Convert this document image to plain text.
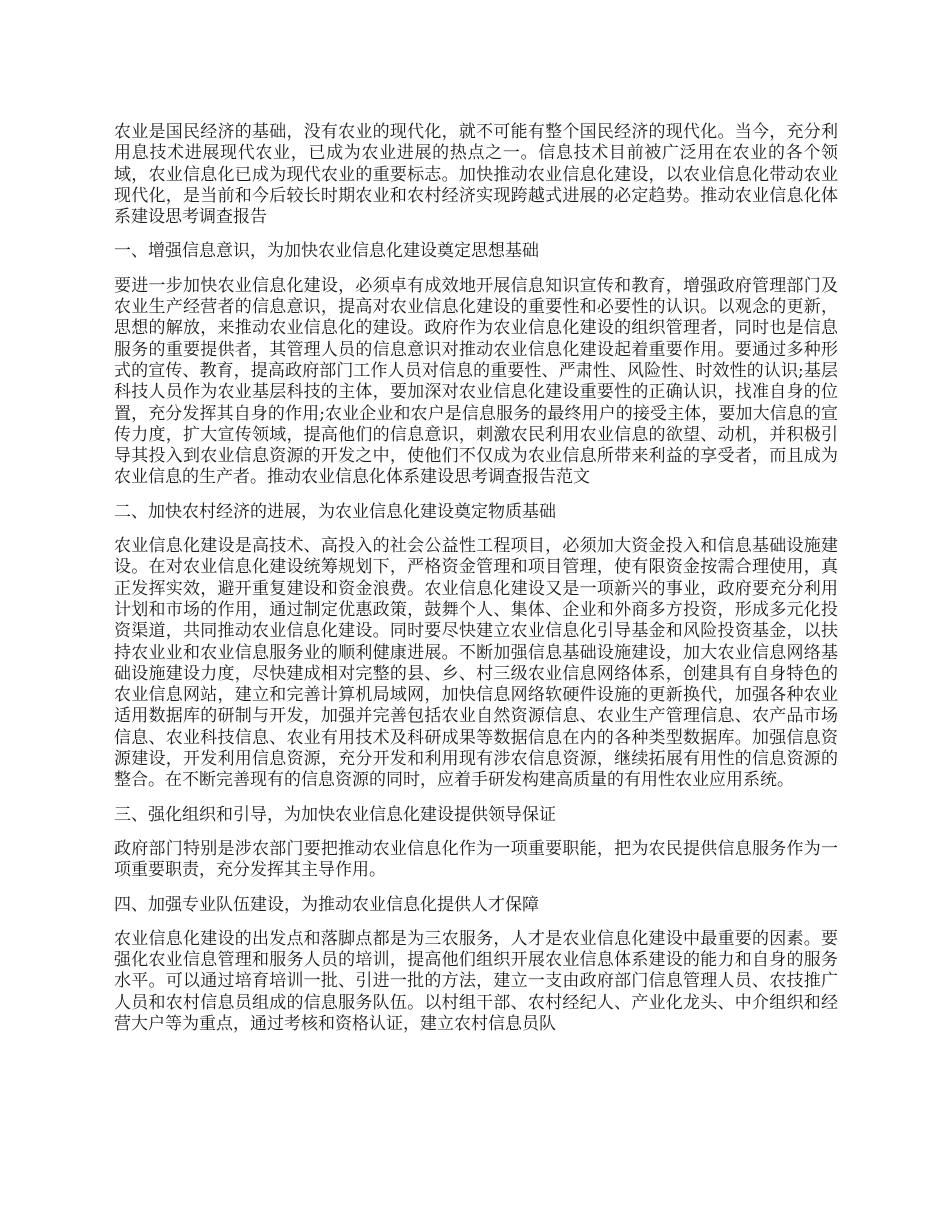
农业是国民经济的基础，没有农业的现代化，就不可能有整个国民经济的现代化。当今，充分利用息技术进展现代农业，已成为农业进展的热点之一。信息技术目前被广泛用在农业的各个领域，农业信息化已成为现代农业的重要标志。加快推动农业信息化建设，以农业信息化带动农业现代化，是当前和今后较长时期农业和农村经济实现跨越式进展的必定趋势。推动农业信息化体系建设思考调查报告

一、增强信息意识，为加快农业信息化建设奠定思想基础

要进一步加快农业信息化建设，必须卓有成效地开展信息知识宣传和教育，增强政府管理部门及农业生产经营者的信息意识，提高对农业信息化建设的重要性和必要性的认识。以观念的更新，思想的解放，来推动农业信息化的建设。政府作为农业信息化建设的组织管理者，同时也是信息服务的重要提供者，其管理人员的信息意识对推动农业信息化建设起着重要作用。要通过多种形式的宣传、教育，提高政府部门工作人员对信息的重要性、严肃性、风险性、时效性的认识;基层科技人员作为农业基层科技的主体，要加深对农业信息化建设重要性的正确认识，找准自身的位置，充分发挥其自身的作用;农业企业和农户是信息服务的最终用户的接受主体，要加大信息的宣传力度，扩大宣传领域，提高他们的信息意识，刺激农民利用农业信息的欲望、动机，并积极引导其投入到农业信息资源的开发之中，使他们不仅成为农业信息所带来利益的享受者，而且成为农业信息的生产者。推动农业信息化体系建设思考调查报告范文

二、加快农村经济的进展，为农业信息化建设奠定物质基础

农业信息化建设是高技术、高投入的社会公益性工程项目，必须加大资金投入和信息基础设施建设。在对农业信息化建设统筹规划下，严格资金管理和项目管理，使有限资金按需合理使用，真正发挥实效，避开重复建设和资金浪费。农业信息化建设又是一项新兴的事业，政府要充分利用计划和市场的作用，通过制定优惠政策，鼓舞个人、集体、企业和外商多方投资，形成多元化投资渠道，共同推动农业信息化建设。同时要尽快建立农业信息化引导基金和风险投资基金，以扶持农业业和农业信息服务业的顺利健康进展。不断加强信息基础设施建设，加大农业信息网络基础设施建设力度，尽快建成相对完整的县、乡、村三级农业信息网络体系，创建具有自身特色的农业信息网站，建立和完善计算机局域网，加快信息网络软硬件设施的更新换代，加强各种农业适用数据库的研制与开发，加强并完善包括农业自然资源信息、农业生产管理信息、农产品市场信息、农业科技信息、农业有用技术及科研成果等数据信息在内的各种类型数据库。加强信息资源建设，开发利用信息资源，充分开发和利用现有涉农信息资源，继续拓展有用性的信息资源的整合。在不断完善现有的信息资源的同时，应着手研发构建高质量的有用性农业应用系统。

三、强化组织和引导，为加快农业信息化建设提供领导保证

政府部门特别是涉农部门要把推动农业信息化作为一项重要职能，把为农民提供信息服务作为一项重要职责，充分发挥其主导作用。

四、加强专业队伍建设，为推动农业信息化提供人才保障

农业信息化建设的出发点和落脚点都是为三农服务，人才是农业信息化建设中最重要的因素。要强化农业信息管理和服务人员的培训，提高他们组织开展农业信息体系建设的能力和自身的服务水平。可以通过培育培训一批、引进一批的方法，建立一支由政府部门信息管理人员、农技推广人员和农村信息员组成的信息服务队伍。以村组干部、农村经纪人、产业化龙头、中介组织和经营大户等为重点，通过考核和资格认证，建立农村信息员队
